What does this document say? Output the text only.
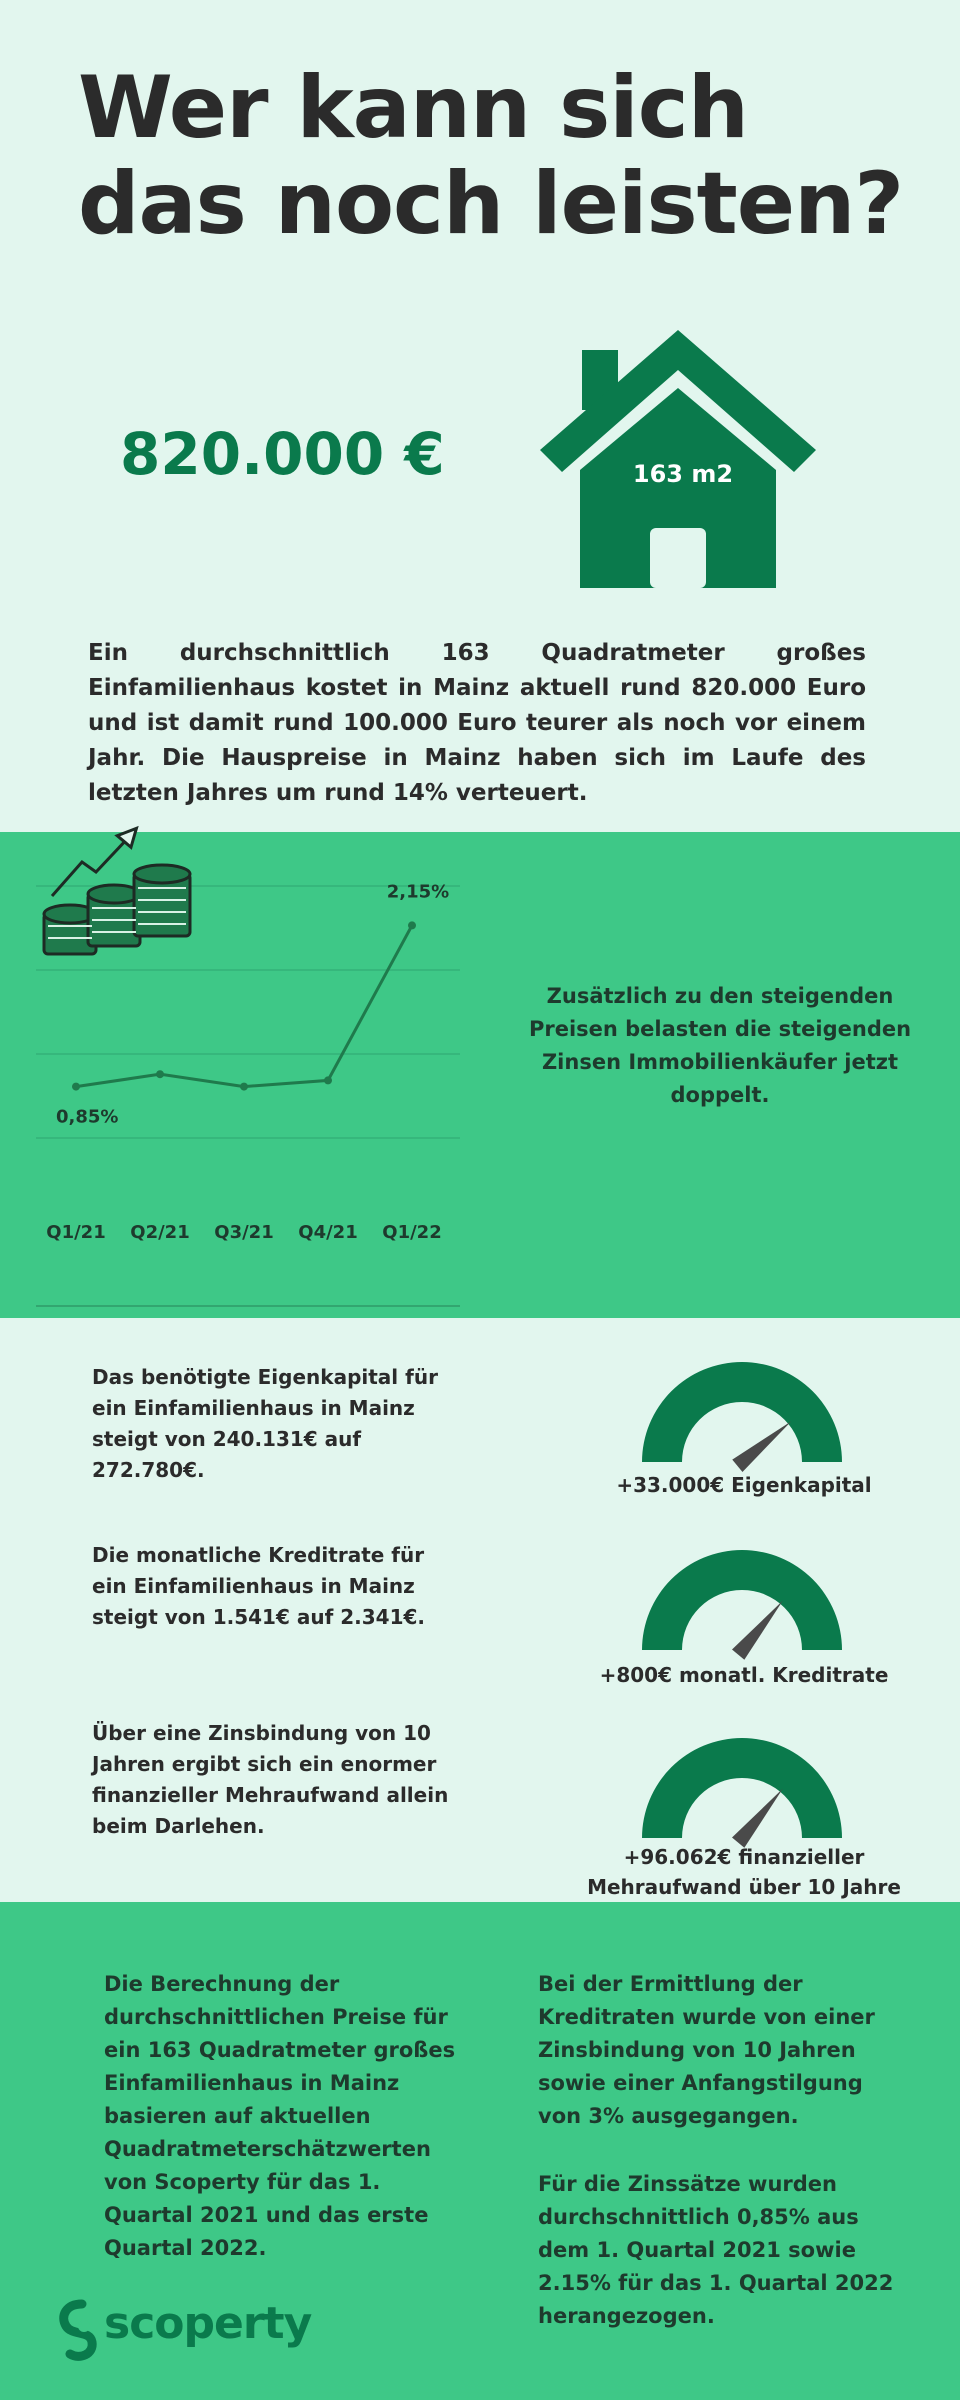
Wer kann sich das noch leisten?
820.000 €	163 m2

Ein durchschnittlich 163 Quadratmeter großes Einfamilienhaus kostet in Mainz aktuell rund 820.000 Euro und ist damit rund 100.000 Euro teurer als noch vor einem Jahr. Die Hauspreise in Mainz haben sich im Laufe des letzten Jahres um rund 14% verteuert.

Q1/21 Q2/21 Q3/21 Q4/21 Q1/22
0,85%
2,15%

Zusätzlich zu den steigenden Preisen belasten die steigenden Zinsen Immobilienkäufer jetzt doppelt.

Das benötigte Eigenkapital für ein Einfamilienhaus in Mainz steigt von 240.131€ auf 272.780€.

+33.000€ Eigenkapital

Die monatliche Kreditrate für ein Einfamilienhaus in Mainz steigt von 1.541€ auf 2.341€.

+800€ monatl. Kreditrate

Über eine Zinsbindung von 10 Jahren ergibt sich ein enormer finanzieller Mehraufwand allein beim Darlehen.

+96.062€ finanzieller Mehraufwand über 10 Jahre

Die Berechnung der durchschnittlichen Preise für ein 163 Quadratmeter großes Einfamilienhaus in Mainz basieren auf aktuellen Quadratmeterschätzwerten von Scoperty für das 1. Quartal 2021 und das erste Quartal 2022.

Bei der Ermittlung der Kreditraten wurde von einer Zinsbindung von 10 Jahren sowie einer Anfangstilgung von 3% ausgegangen.

Für die Zinssätze wurden durchschnittlich 0,85% aus dem 1. Quartal 2021 sowie 2.15% für das 1. Quartal 2022 herangezogen.

scoperty
